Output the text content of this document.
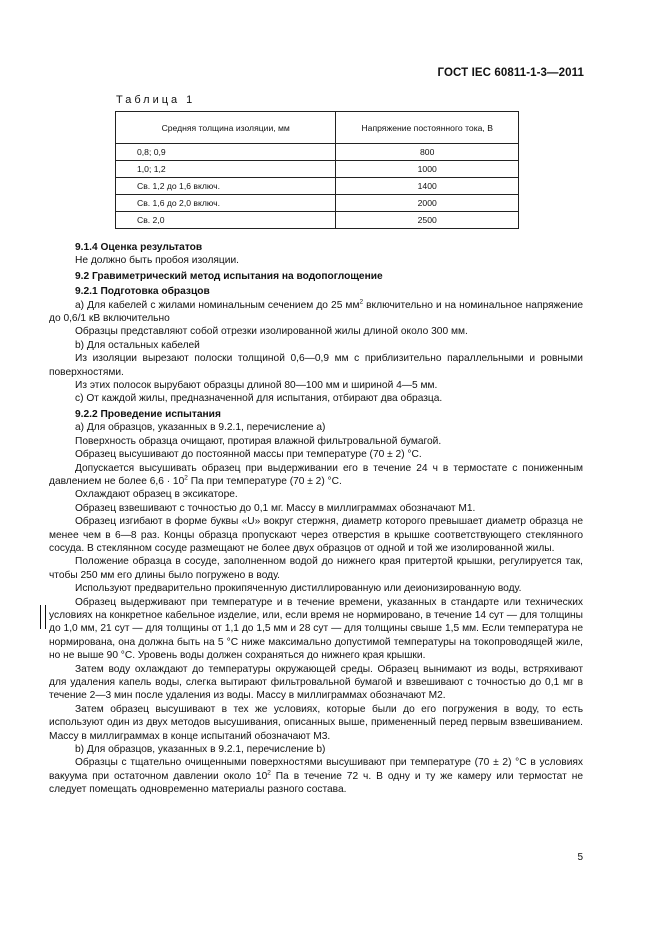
ГОСТ IEC 60811-1-3—2011
Таблица 1
Средняя толщина изоляции, мм	Напряжение постоянного тока, В
0,8; 0,9	800
1,0; 1,2	1000
Св. 1,2 до 1,6 включ.	1400
Св. 1,6 до 2,0 включ.	2000
Св. 2,0	2500

9.1.4 Оценка результатов

Не должно быть пробоя изоляции.

9.2 Гравиметрический метод испытания на водопоглощение

9.2.1 Подготовка образцов

а) Для кабелей с жилами номинальным сечением до 25 $мм^2$ включительно и на номинальное напряжение до 0,6/1 кВ включительно

Образцы представляют собой отрезки изолированной жилы длиной около 300 мм.

b) Для остальных кабелей

Из изоляции вырезают полоски толщиной 0,6—0,9 мм с приблизительно параллельными и ровными поверхностями.

Из этих полосок вырубают образцы длиной 80—100 мм и шириной 4—5 мм.

с) От каждой жилы, предназначенной для испытания, отбирают два образца.

9.2.2 Проведение испытания

а) Для образцов, указанных в 9.2.1, перечисление а)

Поверхность образца очищают, протирая влажной фильтровальной бумагой.

Образец высушивают до постоянной массы при температуре (70 ± 2) °С.

Допускается высушивать образец при выдерживании его в течение 24 ч в термостате с пониженным давлением не более $6,6 \cdot 10^2$ Па при температуре (70 ± 2) °С.

Охлаждают образец в эксикаторе.

Образец взвешивают с точностью до 0,1 мг. Массу в миллиграммах обозначают М1.

Образец изгибают в форме буквы «U» вокруг стержня, диаметр которого превышает диаметр образца не менее чем в 6—8 раз. Концы образца пропускают через отверстия в крышке соответствующего стеклянного сосуда. В стеклянном сосуде размещают не более двух образцов от одной и той же изолированной жилы.

Положение образца в сосуде, заполненном водой до нижнего края притертой крышки, регулируется так, чтобы 250 мм его длины было погружено в воду.

Используют предварительно прокипяченную дистиллированную или деионизированную воду.

Образец выдерживают при температуре и в течение времени, указанных в стандарте или технических условиях на конкретное кабельное изделие, или, если время не нормировано, в течение 14 сут — для толщины до 1,0 мм, 21 сут — для толщины от 1,1 до 1,5 мм и 28 сут — для толщины свыше 1,5 мм. Если температура не нормирована, она должна быть на 5 °С ниже максимально допустимой температуры на токопроводящей жиле, но не выше 90 °С. Уровень воды должен сохраняться до нижнего края крышки.

Затем воду охлаждают до температуры окружающей среды. Образец вынимают из воды, встряхивают для удаления капель воды, слегка вытирают фильтровальной бумагой и взвешивают с точностью до 0,1 мг в течение 2—3 мин после удаления из воды. Массу в миллиграммах обозначают М2.

Затем образец высушивают в тех же условиях, которые были до его погружения в воду, то есть используют один из двух методов высушивания, описанных выше, примененный перед первым взвешиванием. Массу в миллиграммах в конце испытаний обозначают М3.

b) Для образцов, указанных в 9.2.1, перечисление b)

Образцы с тщательно очищенными поверхностями высушивают при температуре (70 ± 2) °С в условиях вакуума при остаточном давлении около $10^2$ Па в течение 72 ч. В одну и ту же камеру или термостат не следует помещать одновременно материалы разного состава.

5
